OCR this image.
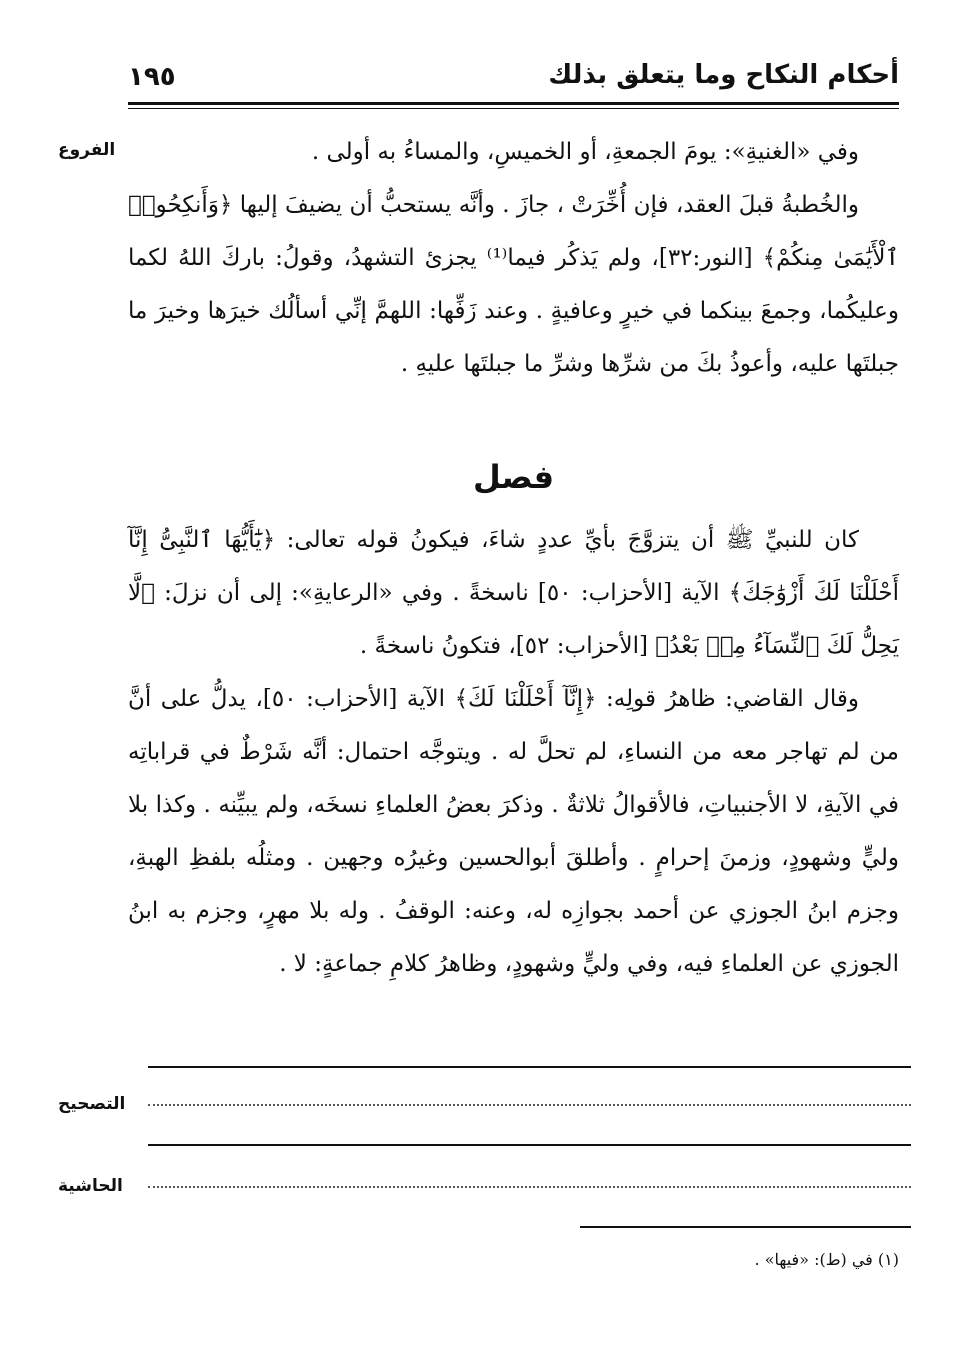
أحكام النكاح وما يتعلق بذلك
١٩٥
الفروع	وفي «الغنيةِ»: يومَ الجمعةِ، أو الخميسِ، والمساءُ به أولى .

والخُطبةُ قبلَ العقد، فإن أُخِّرَتْ ، جازَ . وأنَّه يستحبُّ أن يضيفَ إليها ﴿وَأَنكِحُوا۟ ٱلْأَيَٰمَىٰ مِنكُمْ﴾ [النور:٣٢]، ولم يَذكُر فيما⁽¹⁾ يجزئ التشهدُ، وقولُ: باركَ اللهُ لكما وعليكُما، وجمعَ بينكما في خيرٍ وعافيةٍ . وعند زَفِّها: اللهمَّ إنِّي أسألُك خيرَها وخيرَ ما جبلتَها عليه، وأعوذُ بكَ من شرِّها وشرِّ ما جبلتَها عليهِ .

فصل

كان للنبيِّ ﷺ أن يتزوَّجَ بأيِّ عددٍ شاءَ، فيكونُ قوله تعالى: ﴿يَٰٓأَيُّهَا ٱلنَّبِىُّ إِنَّآ أَحْلَلْنَا لَكَ أَزْوَٰجَكَ﴾ الآية [الأحزاب: ٥٠] ناسخةً . وفي «الرعايةِ»: إلى أن نزلَ: ﴿لَّا يَحِلُّ لَكَ ٱلنِّسَآءُ مِنۢ بَعْدُ﴾ [الأحزاب: ٥٢]، فتكونُ ناسخةً .

وقال القاضي: ظاهرُ قولِه: ﴿إِنَّآ أَحْلَلْنَا لَكَ﴾ الآية [الأحزاب: ٥٠]، يدلُّ على أنَّ من لم تهاجر معه من النساءِ، لم تحلَّ له . ويتوجَّه احتمال: أنَّه شَرْطٌ في قراباتِه في الآيةِ، لا الأجنبياتِ، فالأقوالُ ثلاثةٌ . وذكرَ بعضُ العلماءِ نسخَه، ولم يبيِّنه . وكذا بلا وليٍّ وشهودٍ، وزمنَ إحرامٍ . وأطلقَ أبوالحسين وغيرُه وجهين . ومثلُه بلفظِ الهبةِ، وجزم ابنُ الجوزي عن أحمد بجوازِه له، وعنه: الوقفُ . وله بلا مهرٍ، وجزم به ابنُ الجوزي عن العلماءِ فيه، وفي وليٍّ وشهودٍ، وظاهرُ كلامِ جماعةٍ: لا .

التصحيح
الحاشية
(١) في (ط): «فيها» .
